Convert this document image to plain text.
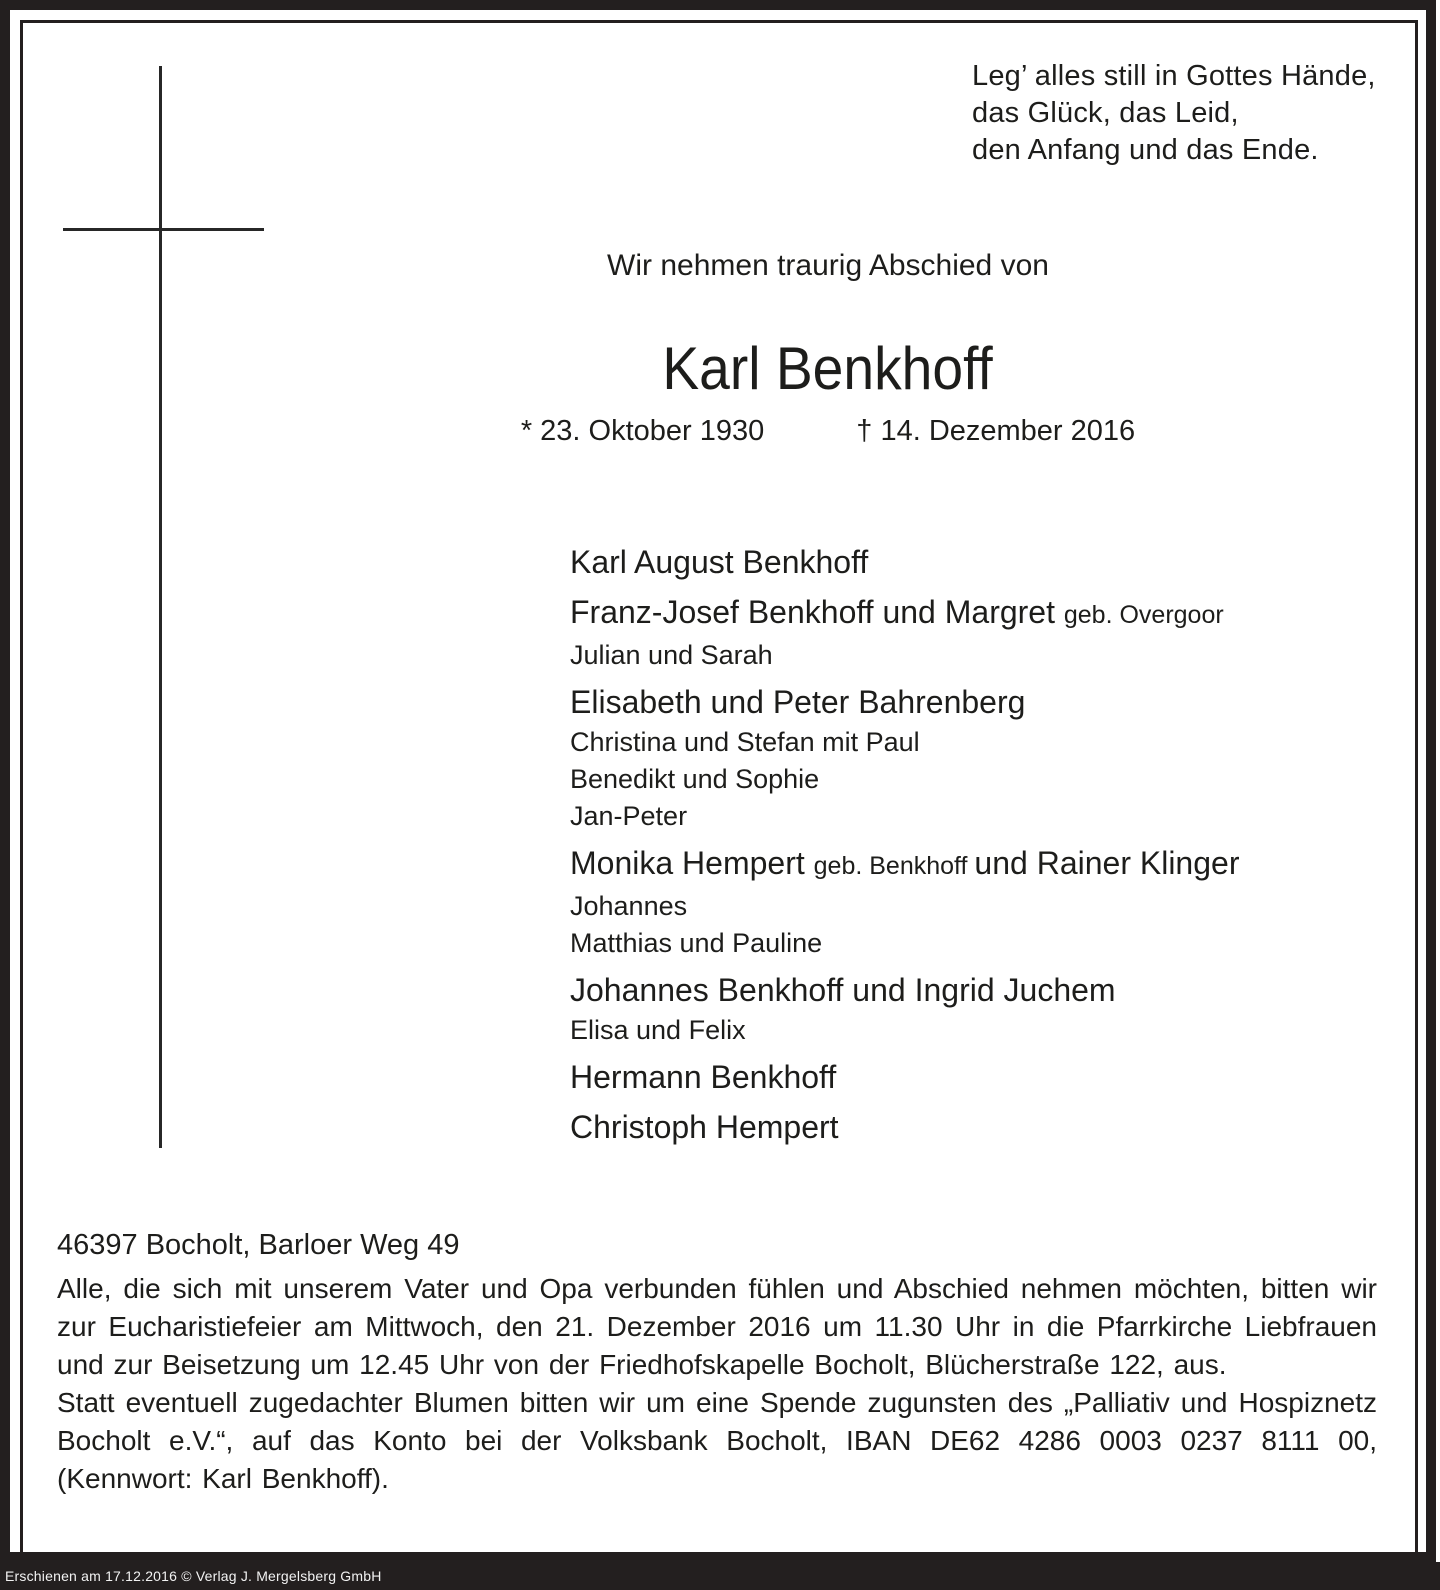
Leg’ alles still in Gottes Hände,
das Glück, das Leid,
den Anfang und das Ende.
Wir nehmen traurig Abschied von
Karl Benkhoff
* 23. Oktober 1930	† 14. Dezember 2016
Karl August Benkhoff
Franz-Josef Benkhoff und Margret geb. Overgoor
Julian und Sarah
Elisabeth und Peter Bahrenberg
Christina und Stefan mit Paul
Benedikt und Sophie
Jan-Peter
Monika Hempert geb. Benkhoff und Rainer Klinger
Johannes
Matthias und Pauline
Johannes Benkhoff und Ingrid Juchem
Elisa und Felix
Hermann Benkhoff
Christoph Hempert
46397 Bocholt, Barloer Weg 49

Alle, die sich mit unserem Vater und Opa verbunden fühlen und Abschied nehmen möchten, bitten wir zur Eucharistiefeier am Mittwoch, den 21. Dezember 2016 um 11.30 Uhr in die Pfarrkirche Liebfrauen und zur Beisetzung um 12.45 Uhr von der Friedhofskapelle Bocholt, Blücherstraße 122, aus.

Statt eventuell zugedachter Blumen bitten wir um eine Spende zugunsten des „Palliativ und Hospiznetz Bocholt e.V.“, auf das Konto bei der Volksbank Bocholt, IBAN DE62 4286 0003 0237 8111 00, (Kennwort: Karl Benkhoff).

Erschienen am 17.12.2016 © Verlag J. Mergelsberg GmbH
